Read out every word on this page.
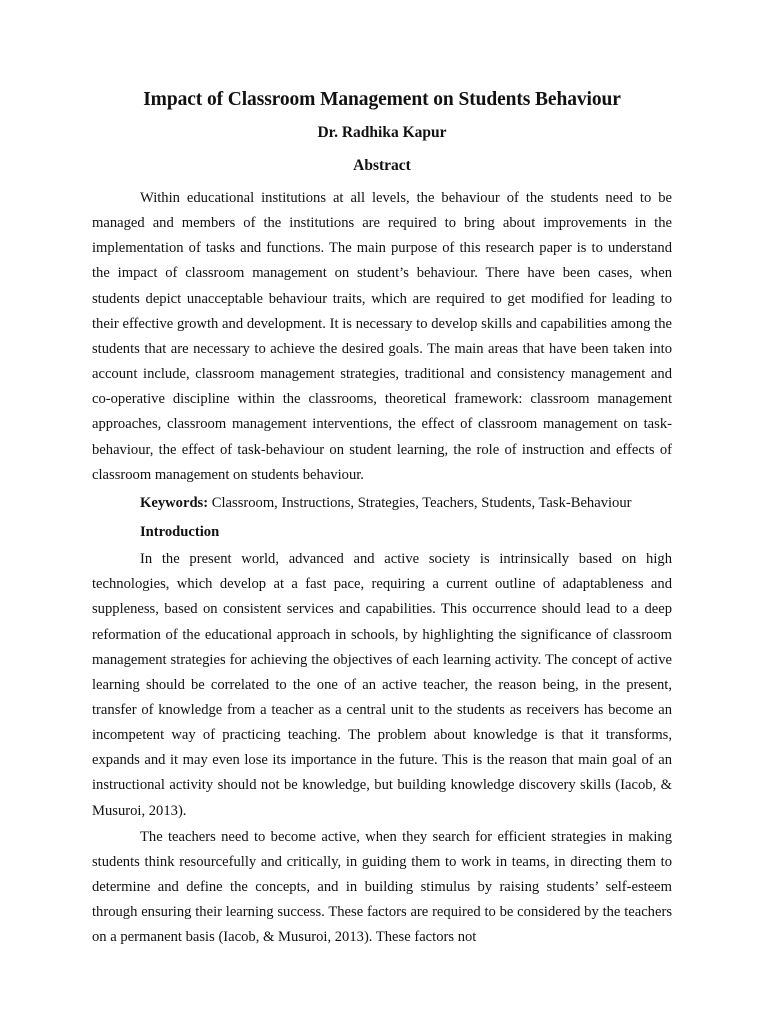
Impact of Classroom Management on Students Behaviour
Dr. Radhika Kapur
Abstract

Within educational institutions at all levels, the behaviour of the students need to be managed and members of the institutions are required to bring about improvements in the implementation of tasks and functions. The main purpose of this research paper is to understand the impact of classroom management on student’s behaviour. There have been cases, when students depict unacceptable behaviour traits, which are required to get modified for leading to their effective growth and development. It is necessary to develop skills and capabilities among the students that are necessary to achieve the desired goals. The main areas that have been taken into account include, classroom management strategies, traditional and consistency management and co-operative discipline within the classrooms, theoretical framework: classroom management approaches, classroom management interventions, the effect of classroom management on task-behaviour, the effect of task-behaviour on student learning, the role of instruction and effects of classroom management on students behaviour.

Keywords: Classroom, Instructions, Strategies, Teachers, Students, Task-Behaviour

Introduction

In the present world, advanced and active society is intrinsically based on high technologies, which develop at a fast pace, requiring a current outline of adaptableness and suppleness, based on consistent services and capabilities. This occurrence should lead to a deep reformation of the educational approach in schools, by highlighting the significance of classroom management strategies for achieving the objectives of each learning activity. The concept of active learning should be correlated to the one of an active teacher, the reason being, in the present, transfer of knowledge from a teacher as a central unit to the students as receivers has become an incompetent way of practicing teaching. The problem about knowledge is that it transforms, expands and it may even lose its importance in the future. This is the reason that main goal of an instructional activity should not be knowledge, but building knowledge discovery skills (Iacob, & Musuroi, 2013).

The teachers need to become active, when they search for efficient strategies in making students think resourcefully and critically, in guiding them to work in teams, in directing them to determine and define the concepts, and in building stimulus by raising students’ self-esteem through ensuring their learning success. These factors are required to be considered by the teachers on a permanent basis (Iacob, & Musuroi, 2013). These factors not
